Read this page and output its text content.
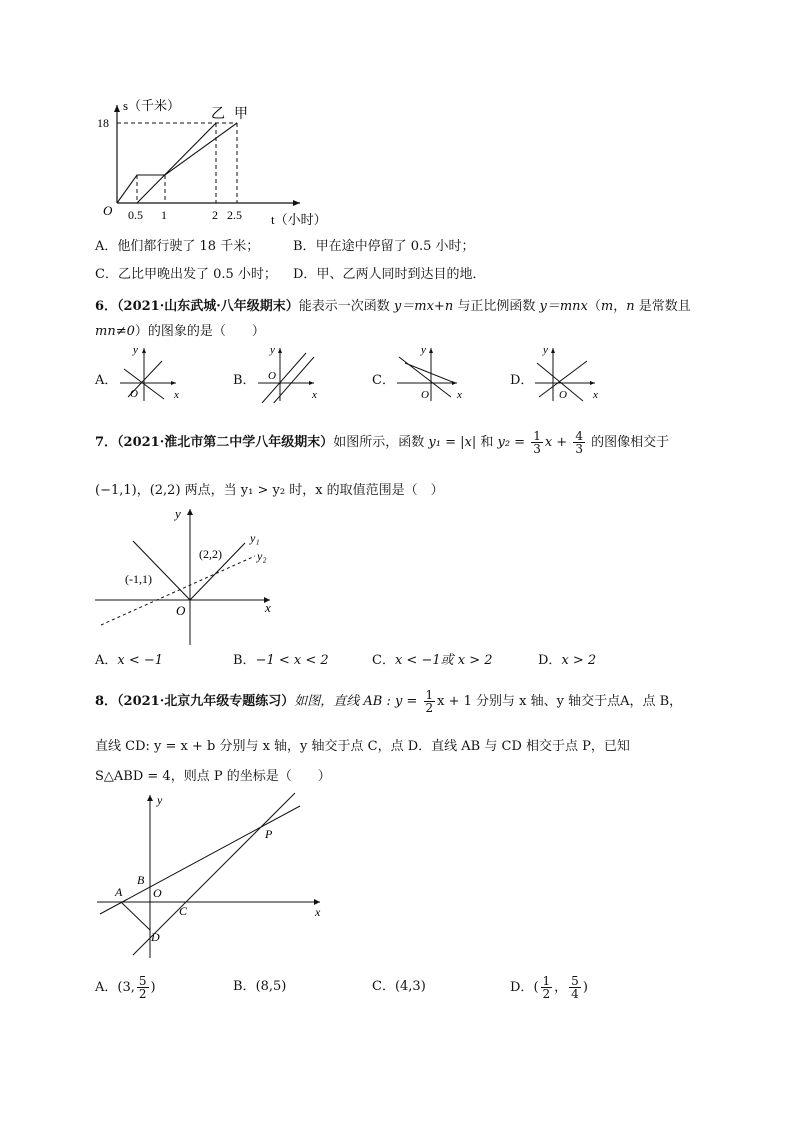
s（千米）
18
O 0.5 1	2 2.5 t（小时）
乙 甲
A．他们都行驶了 18 千米；	B．甲在途中停留了 0.5 小时；
C．乙比甲晚出发了 0.5 小时； D．甲、乙两人同时到达目的地．
6．（2021·山东武城·八年级期末）能表示一次函数 y＝mx+n 与正比例函数 y＝mnx（m，n 是常数且
mn≠0）的图象的是（　　）
A．
y
O	x
B．
y
O
x
C．
y
O	x
D．
y
O x
7．（2021·淮北市第二中学八年级期末）如图所示，函数 y₁ = |x| 和 $y_2 = \frac{1}{3}$ $x + \frac{4}{3}$ 的图像相交于
(−1,1)，(2,2) 两点，当 y₁ > y₂ 时，x 的取值范围是（　）
y
x
O
(-1,1)
(2,2)
y₁
y₂
A．x < −1	B．−1 < x < 2	C．x < −1或 x > 2	D．x > 2
8．（2021·北京九年级专题练习）如图，直线 AB : $y = \frac{1}{2}$ x + 1 分别与 x 轴、y 轴交于点A，点 B，
直线 CD: y = x + b 分别与 x 轴，y 轴交于点 C，点 D．直线 AB 与 CD 相交于点 P，已知
S△ABD = 4，则点 P 的坐标是（　　）
y
x
O
A
B
C
D
P
A．(3, $\frac{5}{2}$ )	B．(8,5)	C．(4,3)	D．( $\frac{1}{2}$ ， $\frac{5}{4}$ )
